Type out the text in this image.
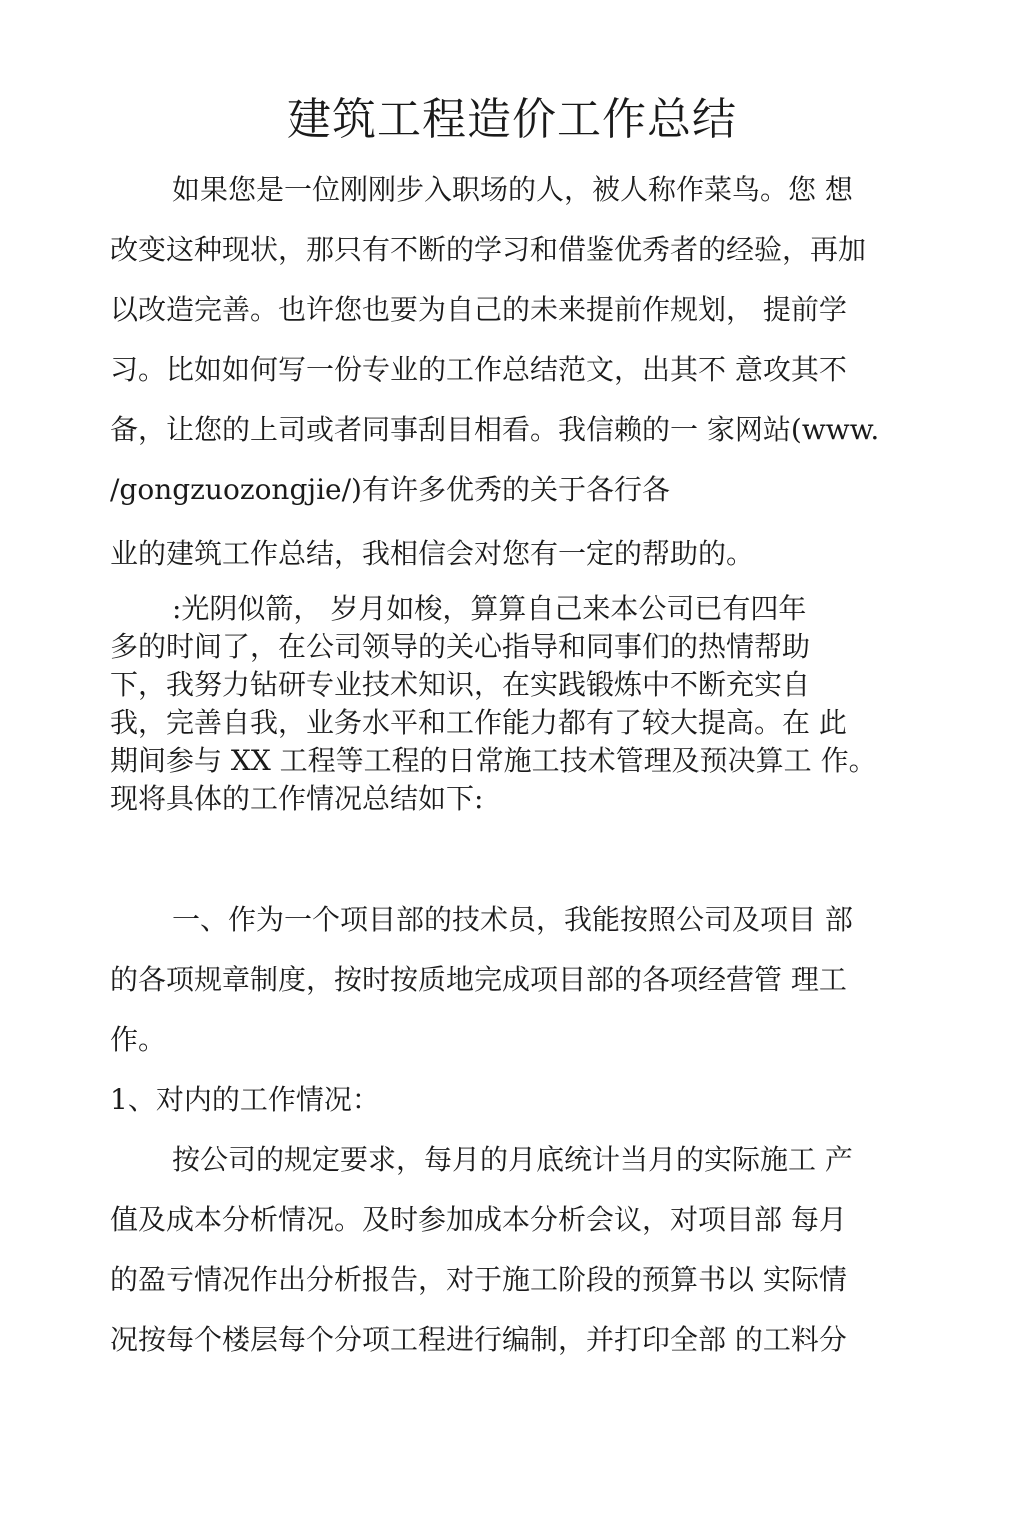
建筑工程造价工作总结
如果您是一位刚刚步入职场的人，被人称作菜鸟。您 想
改变这种现状，那只有不断的学习和借鉴优秀者的经验，再加
以改造完善。也许您也要为自己的未来提前作规划， 提前学
习。比如如何写一份专业的工作总结范文，出其不 意攻其不
备，让您的上司或者同事刮目相看。我信赖的一 家网站(www.
/gongzuozongjie/)有许多优秀的关于各行各
业的建筑工作总结，我相信会对您有一定的帮助的。
:光阴似箭， 岁月如梭，算算自己来本公司已有四年
多的时间了，在公司领导的关心指导和同事们的热情帮助
下，我努力钻研专业技术知识，在实践锻炼中不断充实自
我，完善自我，业务水平和工作能力都有了较大提高。在 此
期间参与 XX 工程等工程的日常施工技术管理及预决算工 作。
现将具体的工作情况总结如下:
一、作为一个项目部的技术员，我能按照公司及项目 部
的各项规章制度，按时按质地完成项目部的各项经营管 理工
作。
1、对内的工作情况：
按公司的规定要求，每月的月底统计当月的实际施工 产
值及成本分析情况。及时参加成本分析会议，对项目部 每月
的盈亏情况作出分析报告，对于施工阶段的预算书以 实际情
况按每个楼层每个分项工程进行编制，并打印全部 的工料分
